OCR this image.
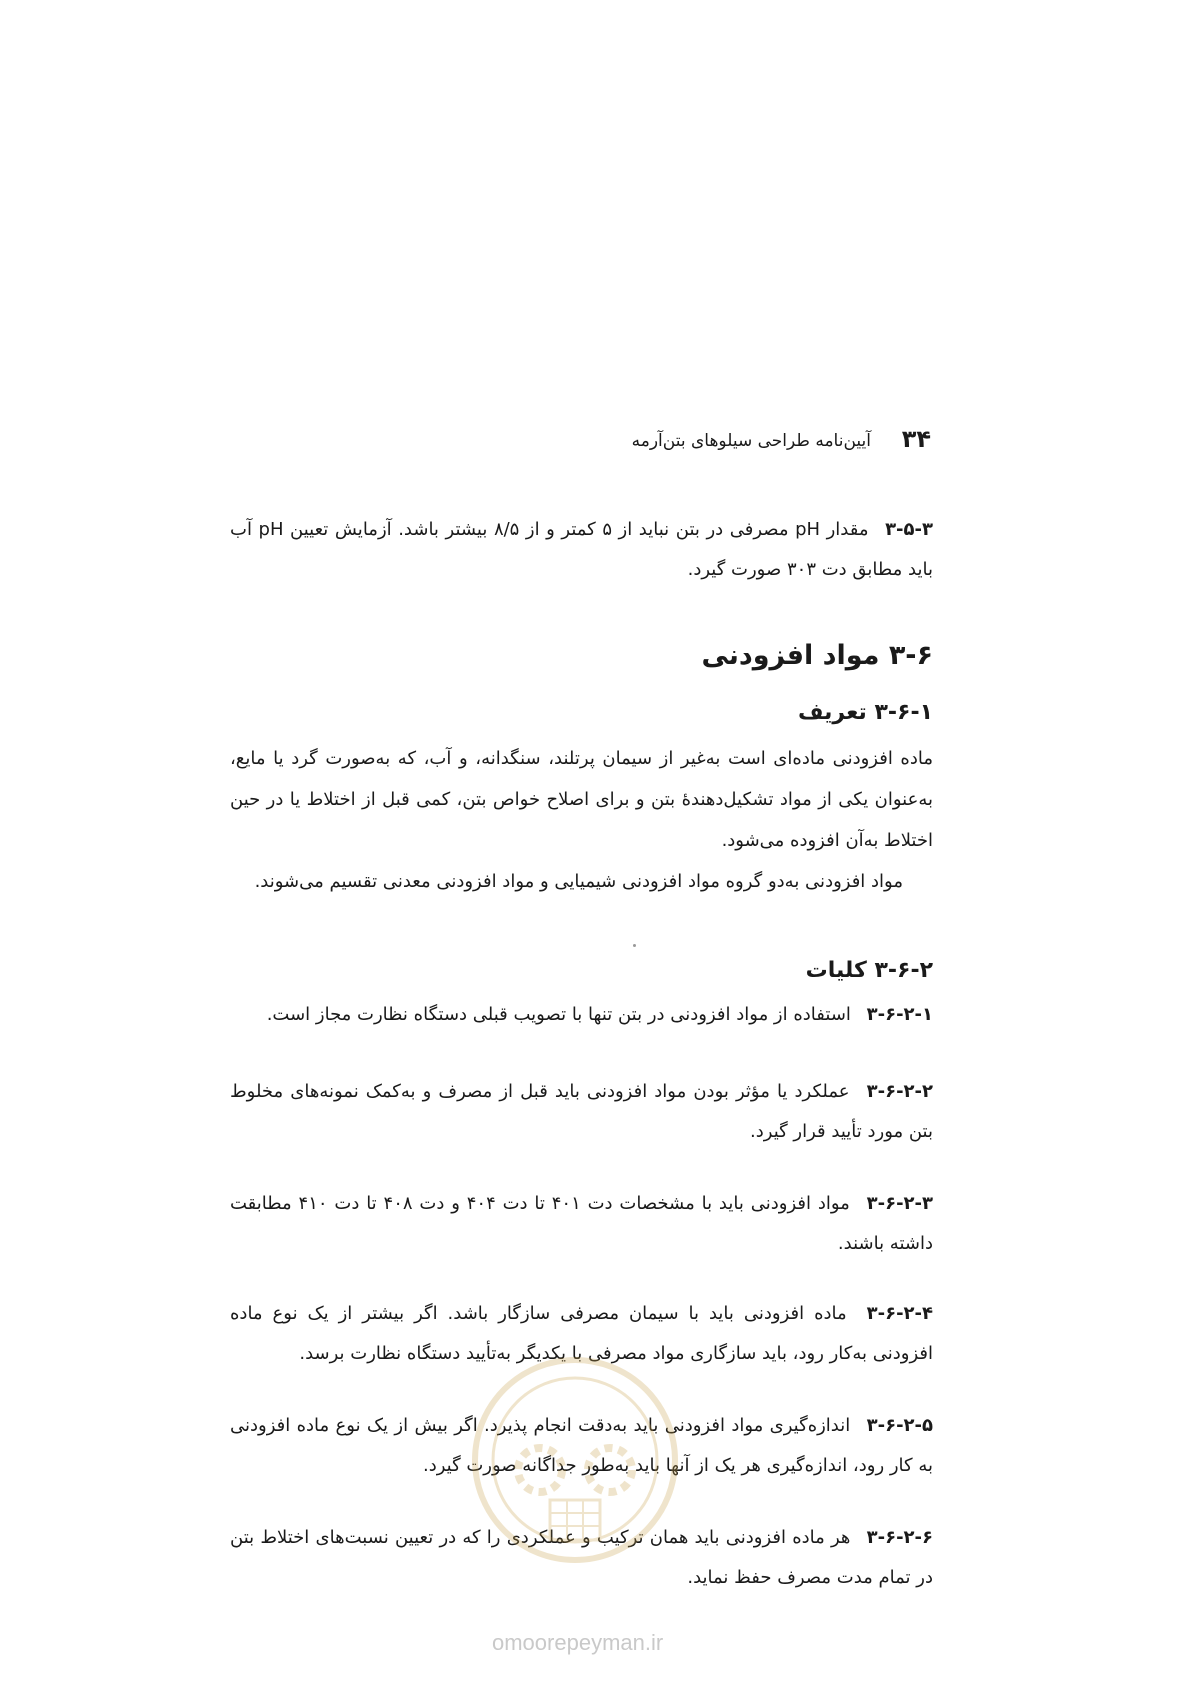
۳۴
آیین‌نامه طراحی سیلوهای بتن‌آرمه
۳-۵-۳ مقدار pH مصرفی در بتن نباید از ۵ کمتر و از ۸/۵ بیشتر باشد. آزمایش تعیین pH آب باید مطابق دت ۳۰۳ صورت گیرد.
۳-۶ مواد افزودنی
۳-۶-۱ تعریف
ماده افزودنی ماده‌ای است به‌غیر از سیمان پرتلند، سنگدانه، و آب، که به‌صورت گرد یا مایع، به‌عنوان یکی از مواد تشکیل‌دهندهٔ بتن و برای اصلاح خواص بتن، کمی قبل از اختلاط یا در حین اختلاط به‌آن افزوده می‌شود.
مواد افزودنی به‌دو گروه مواد افزودنی شیمیایی و مواد افزودنی معدنی تقسیم می‌شوند.
۳-۶-۲ کلیات
۳-۶-۲-۱ استفاده از مواد افزودنی در بتن تنها با تصویب قبلی دستگاه نظارت مجاز است.
۳-۶-۲-۲ عملکرد یا مؤثر بودن مواد افزودنی باید قبل از مصرف و به‌کمک نمونه‌های مخلوط بتن مورد تأیید قرار گیرد.
۳-۶-۲-۳ مواد افزودنی باید با مشخصات دت ۴۰۱ تا دت ۴۰۴ و دت ۴۰۸ تا دت ۴۱۰ مطابقت داشته باشند.
۳-۶-۲-۴ ماده افزودنی باید با سیمان مصرفی سازگار باشد. اگر بیشتر از یک نوع ماده افزودنی به‌کار رود، باید سازگاری مواد مصرفی با یکدیگر به‌تأیید دستگاه نظارت برسد.
۳-۶-۲-۵ اندازه‌گیری مواد افزودنی باید به‌دقت انجام پذیرد. اگر بیش از یک نوع ماده افزودنی به کار رود، اندازه‌گیری هر یک از آنها باید به‌طور جداگانه صورت گیرد.
۳-۶-۲-۶ هر ماده افزودنی باید همان ترکیب و عملکردی را که در تعیین نسبت‌های اختلاط بتن در تمام مدت مصرف حفظ نماید.
omoorepeyman.ir
